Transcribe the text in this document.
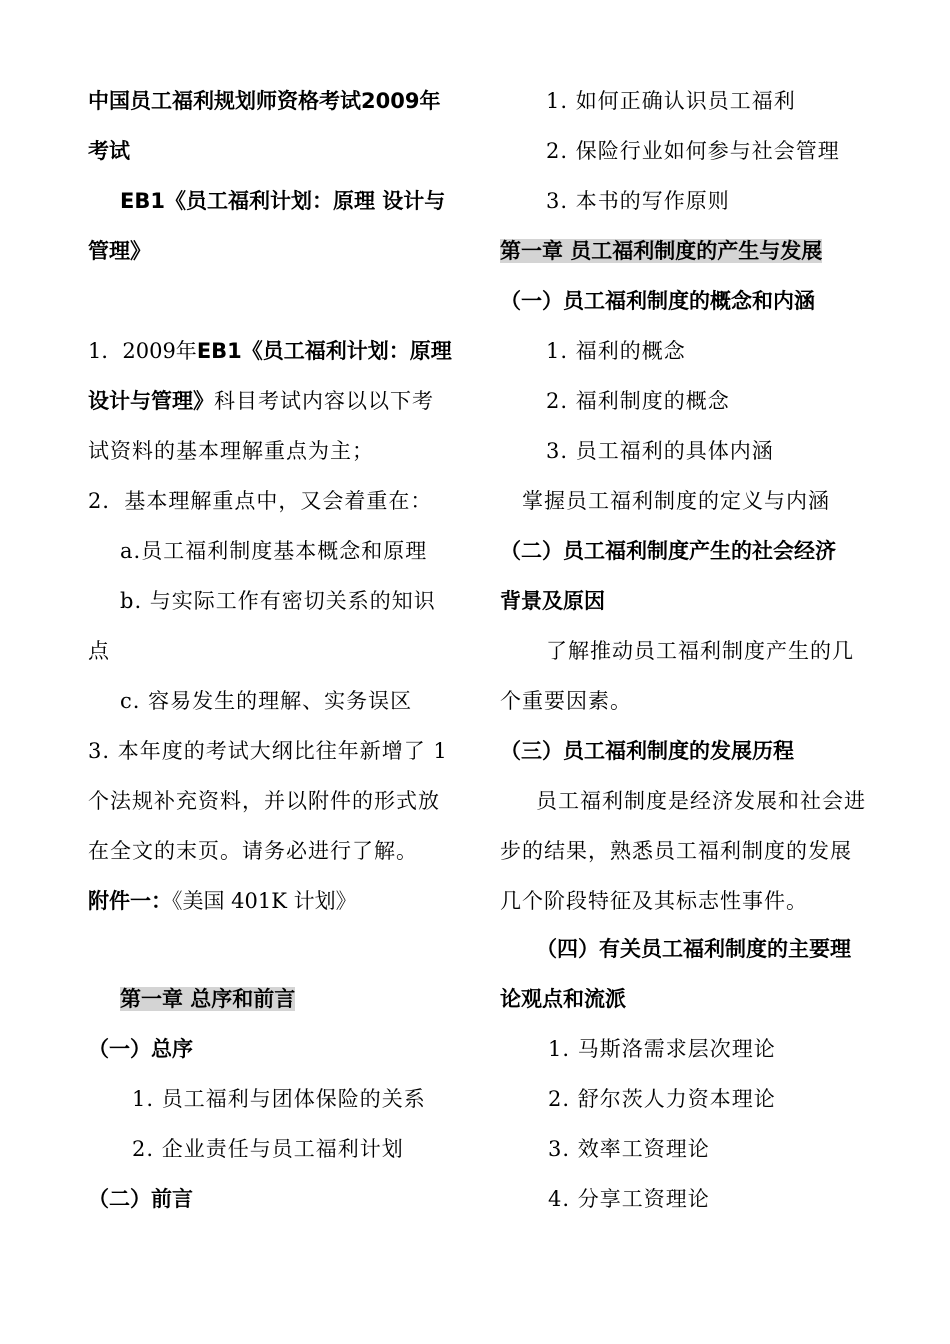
中国员工福利规划师资格考试2009年
考试
EB1《员工福利计划：原理 设计与
管理》
1．2009年EB1《员工福利计划：原理
设计与管理》科目考试内容以以下考
试资料的基本理解重点为主；
2．基本理解重点中，又会着重在：
a.员工福利制度基本概念和原理
b. 与实际工作有密切关系的知识
点
c. 容易发生的理解、实务误区
3. 本年度的考试大纲比往年新增了 1
个法规补充资料，并以附件的形式放
在全文的末页。请务必进行了解。
附件一：《美国 401K 计划》
第一章 总序和前言
（一）总序
1. 员工福利与团体保险的关系
2. 企业责任与员工福利计划
（二）前言
1. 如何正确认识员工福利
2. 保险行业如何参与社会管理
3. 本书的写作原则
第一章 员工福利制度的产生与发展
（一）员工福利制度的概念和内涵
1. 福利的概念
2. 福利制度的概念
3. 员工福利的具体内涵
掌握员工福利制度的定义与内涵
（二）员工福利制度产生的社会经济
背景及原因
了解推动员工福利制度产生的几
个重要因素。
（三）员工福利制度的发展历程
员工福利制度是经济发展和社会进
步的结果，熟悉员工福利制度的发展
几个阶段特征及其标志性事件。
（四）有关员工福利制度的主要理
论观点和流派
1. 马斯洛需求层次理论
2. 舒尔茨人力资本理论
3. 效率工资理论
4. 分享工资理论
